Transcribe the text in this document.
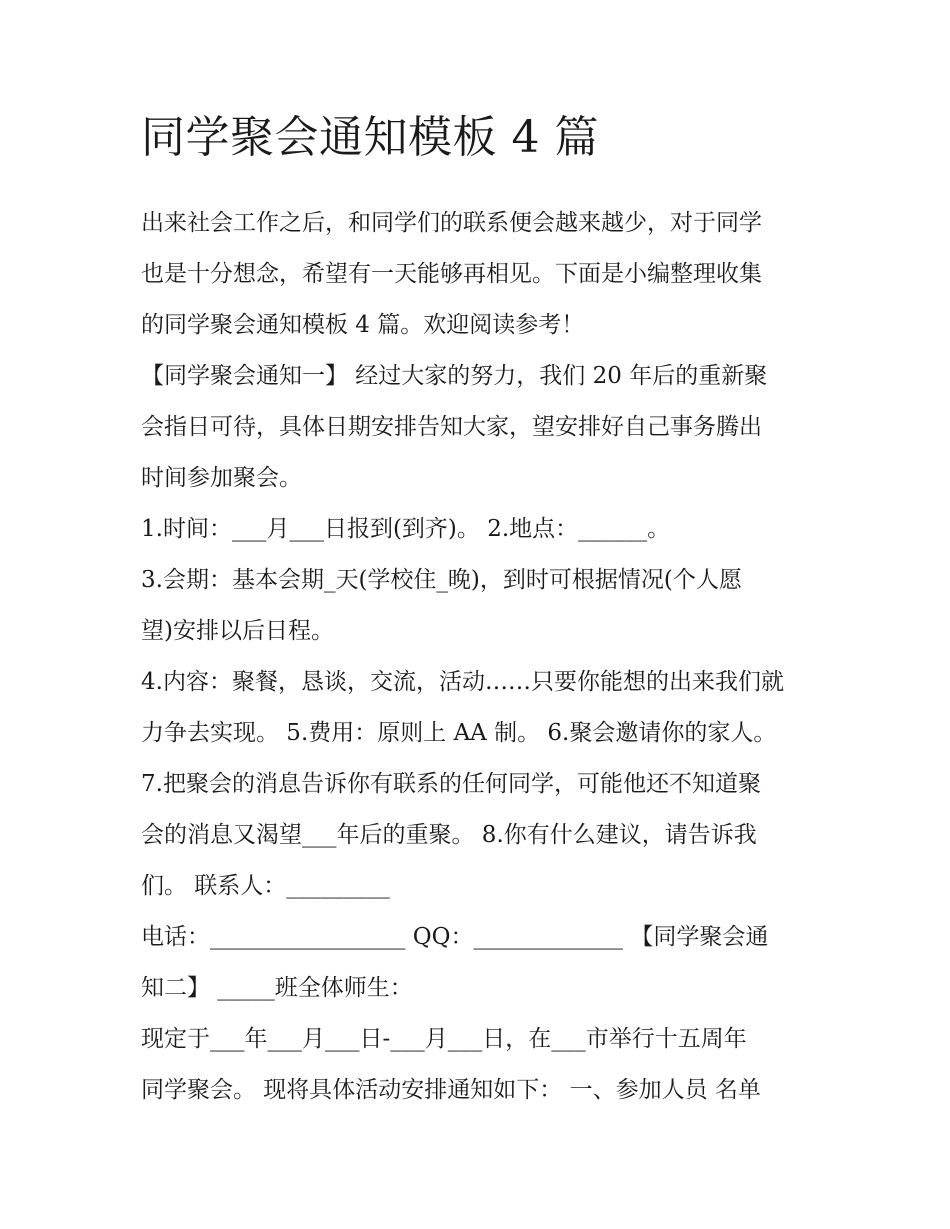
同学聚会通知模板 4 篇
出来社会工作之后，和同学们的联系便会越来越少，对于同学
也是十分想念，希望有一天能够再相见。下面是小编整理收集
的同学聚会通知模板 4 篇。欢迎阅读参考！
【同学聚会通知一】 经过大家的努力，我们 20 年后的重新聚
会指日可待，具体日期安排告知大家，望安排好自己事务腾出
时间参加聚会。
1.时间：___月___日报到(到齐)。 2.地点：______。
3.会期：基本会期_天(学校住_晚)，到时可根据情况(个人愿
望)安排以后日程。
4.内容：聚餐，恳谈，交流，活动……只要你能想的出来我们就
力争去实现。 5.费用：原则上 AA 制。 6.聚会邀请你的家人。
7.把聚会的消息告诉你有联系的任何同学，可能他还不知道聚
会的消息又渴望___年后的重聚。 8.你有什么建议，请告诉我
们。 联系人：_________
电话：_________________ QQ：_____________ 【同学聚会通
知二】 _____班全体师生：
现定于___年___月___日-___月___日，在___市举行十五周年
同学聚会。 现将具体活动安排通知如下： 一、参加人员 名单
